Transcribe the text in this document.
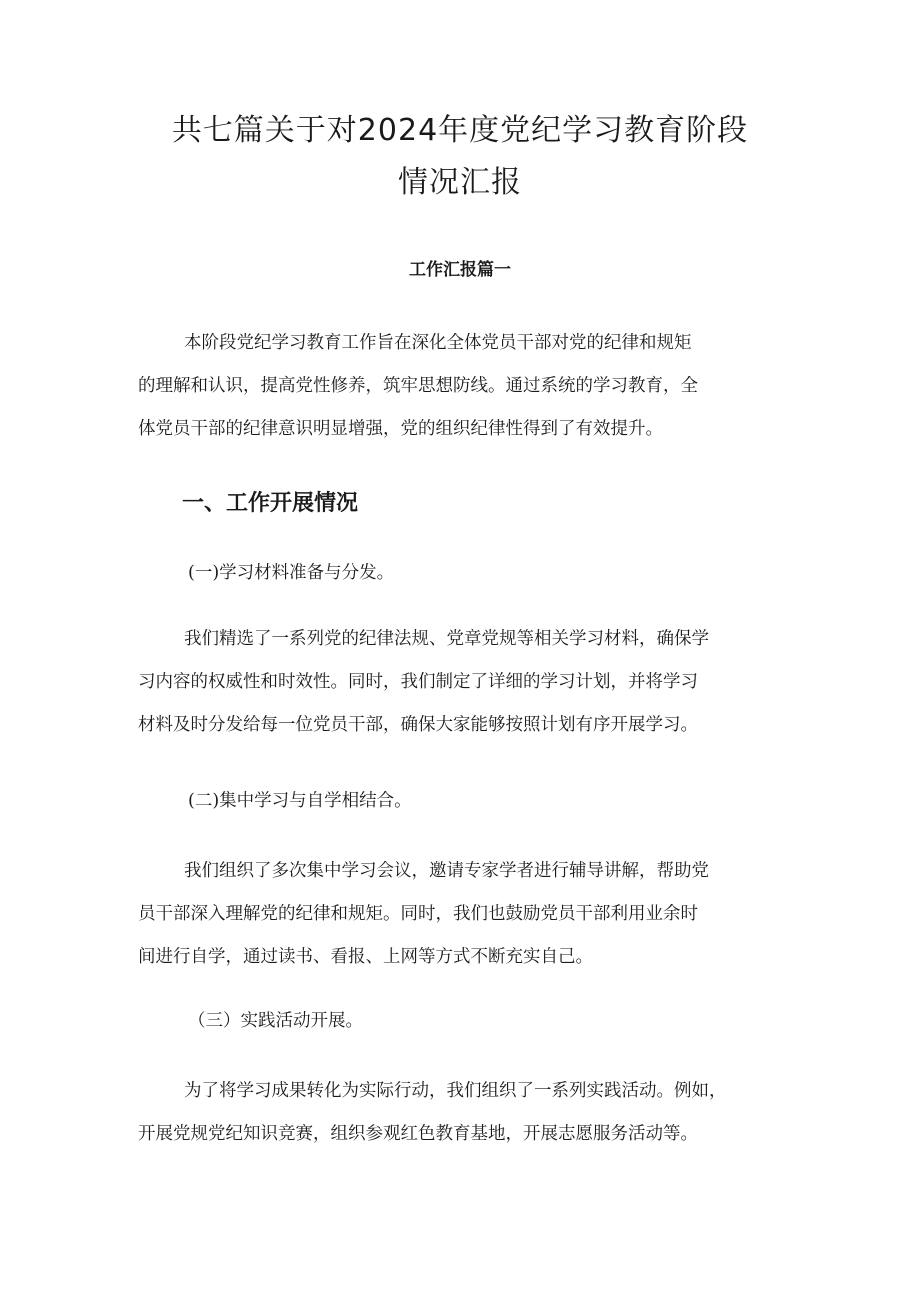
共七篇关于对2024年度党纪学习教育阶段
情况汇报
工作汇报篇一

本阶段党纪学习教育工作旨在深化全体党员干部对党的纪律和规矩
的理解和认识，提高党性修养，筑牢思想防线。通过系统的学习教育，全
体党员干部的纪律意识明显增强，党的组织纪律性得到了有效提升。

一、工作开展情况

(一)学习材料准备与分发。

我们精选了一系列党的纪律法规、党章党规等相关学习材料，确保学
习内容的权威性和时效性。同时，我们制定了详细的学习计划，并将学习
材料及时分发给每一位党员干部，确保大家能够按照计划有序开展学习。

(二)集中学习与自学相结合。

我们组织了多次集中学习会议，邀请专家学者进行辅导讲解，帮助党
员干部深入理解党的纪律和规矩。同时，我们也鼓励党员干部利用业余时
间进行自学，通过读书、看报、上网等方式不断充实自己。

（三）实践活动开展。

为了将学习成果转化为实际行动，我们组织了一系列实践活动。例如，
开展党规党纪知识竞赛，组织参观红色教育基地，开展志愿服务活动等。
